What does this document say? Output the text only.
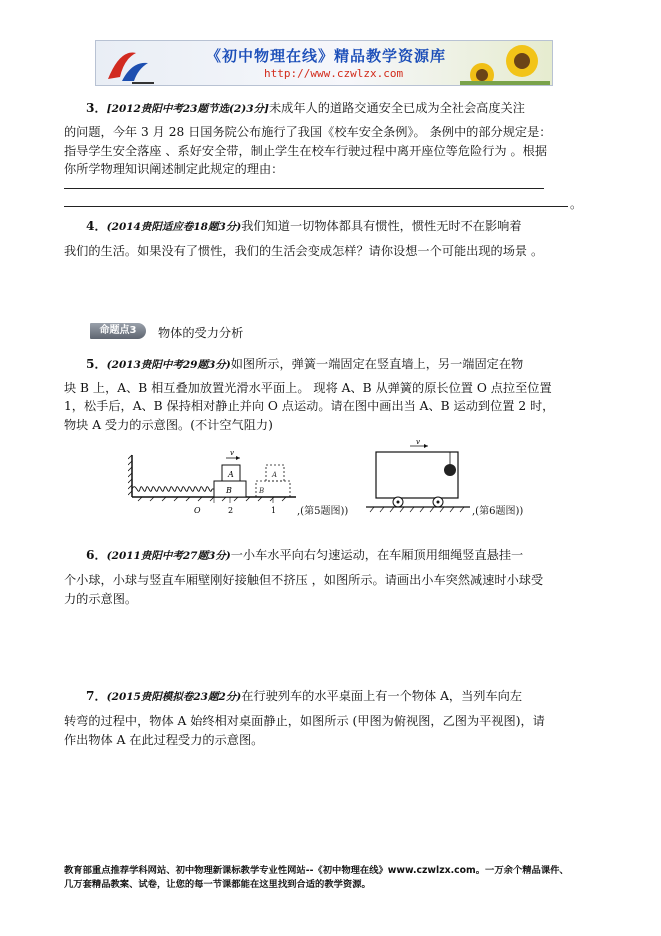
《初中物理在线》精品教学资源库
http://www.czwlzx.com
3．[2012贵阳中考23题节选(2)3分]未成年人的道路交通安全已成为全社会高度关注
的问题，今年 3 月 28 日国务院公布施行了我国《校车安全条例》。 条例中的部分规定是：
指导学生安全落座 、系好安全带，制止学生在校车行驶过程中离开座位等危险行为 。根据
你所学物理知识阐述制定此规定的理由：
。
4．(2014贵阳适应卷18题3分)我们知道一切物体都具有惯性，惯性无时不在影响着
我们的生活。如果没有了惯性，我们的生活会变成怎样？请你设想一个可能出现的场景 。
命题点3	物体的受力分析
5．(2013贵阳中考29题3分)如图所示，弹簧一端固定在竖直墙上，另一端固定在物
块 B 上，A、B 相互叠加放置光滑水平面上。 现将 A、B 从弹簧的原长位置 O 点拉至位置
1，松手后，A、B 保持相对静止并向 O 点运动。请在图中画出当 A、B 运动到位置 2 时，
物块 A 受力的示意图。(不计空气阻力)
A
B
v
B
A
O	2	1 ,(第5题图))
v
,(第6题图))
6．(2011贵阳中考27题3分)一小车水平向右匀速运动，在车厢顶用细绳竖直悬挂一
个小球，小球与竖直车厢壁刚好接触但不挤压 ，如图所示。请画出小车突然减速时小球受
力的示意图。
7．(2015贵阳模拟卷23题2分)在行驶列车的水平桌面上有一个物体 A，当列车向左
转弯的过程中，物体 A 始终相对桌面静止，如图所示 (甲图为俯视图，乙图为平视图)，请
作出物体 A 在此过程受力的示意图。
教育部重点推荐学科网站、初中物理新课标教学专业性网站--《初中物理在线》www.czwlzx.com。一万余个精品课件、
几万套精品教案、试卷，让您的每一节课都能在这里找到合适的教学资源。
